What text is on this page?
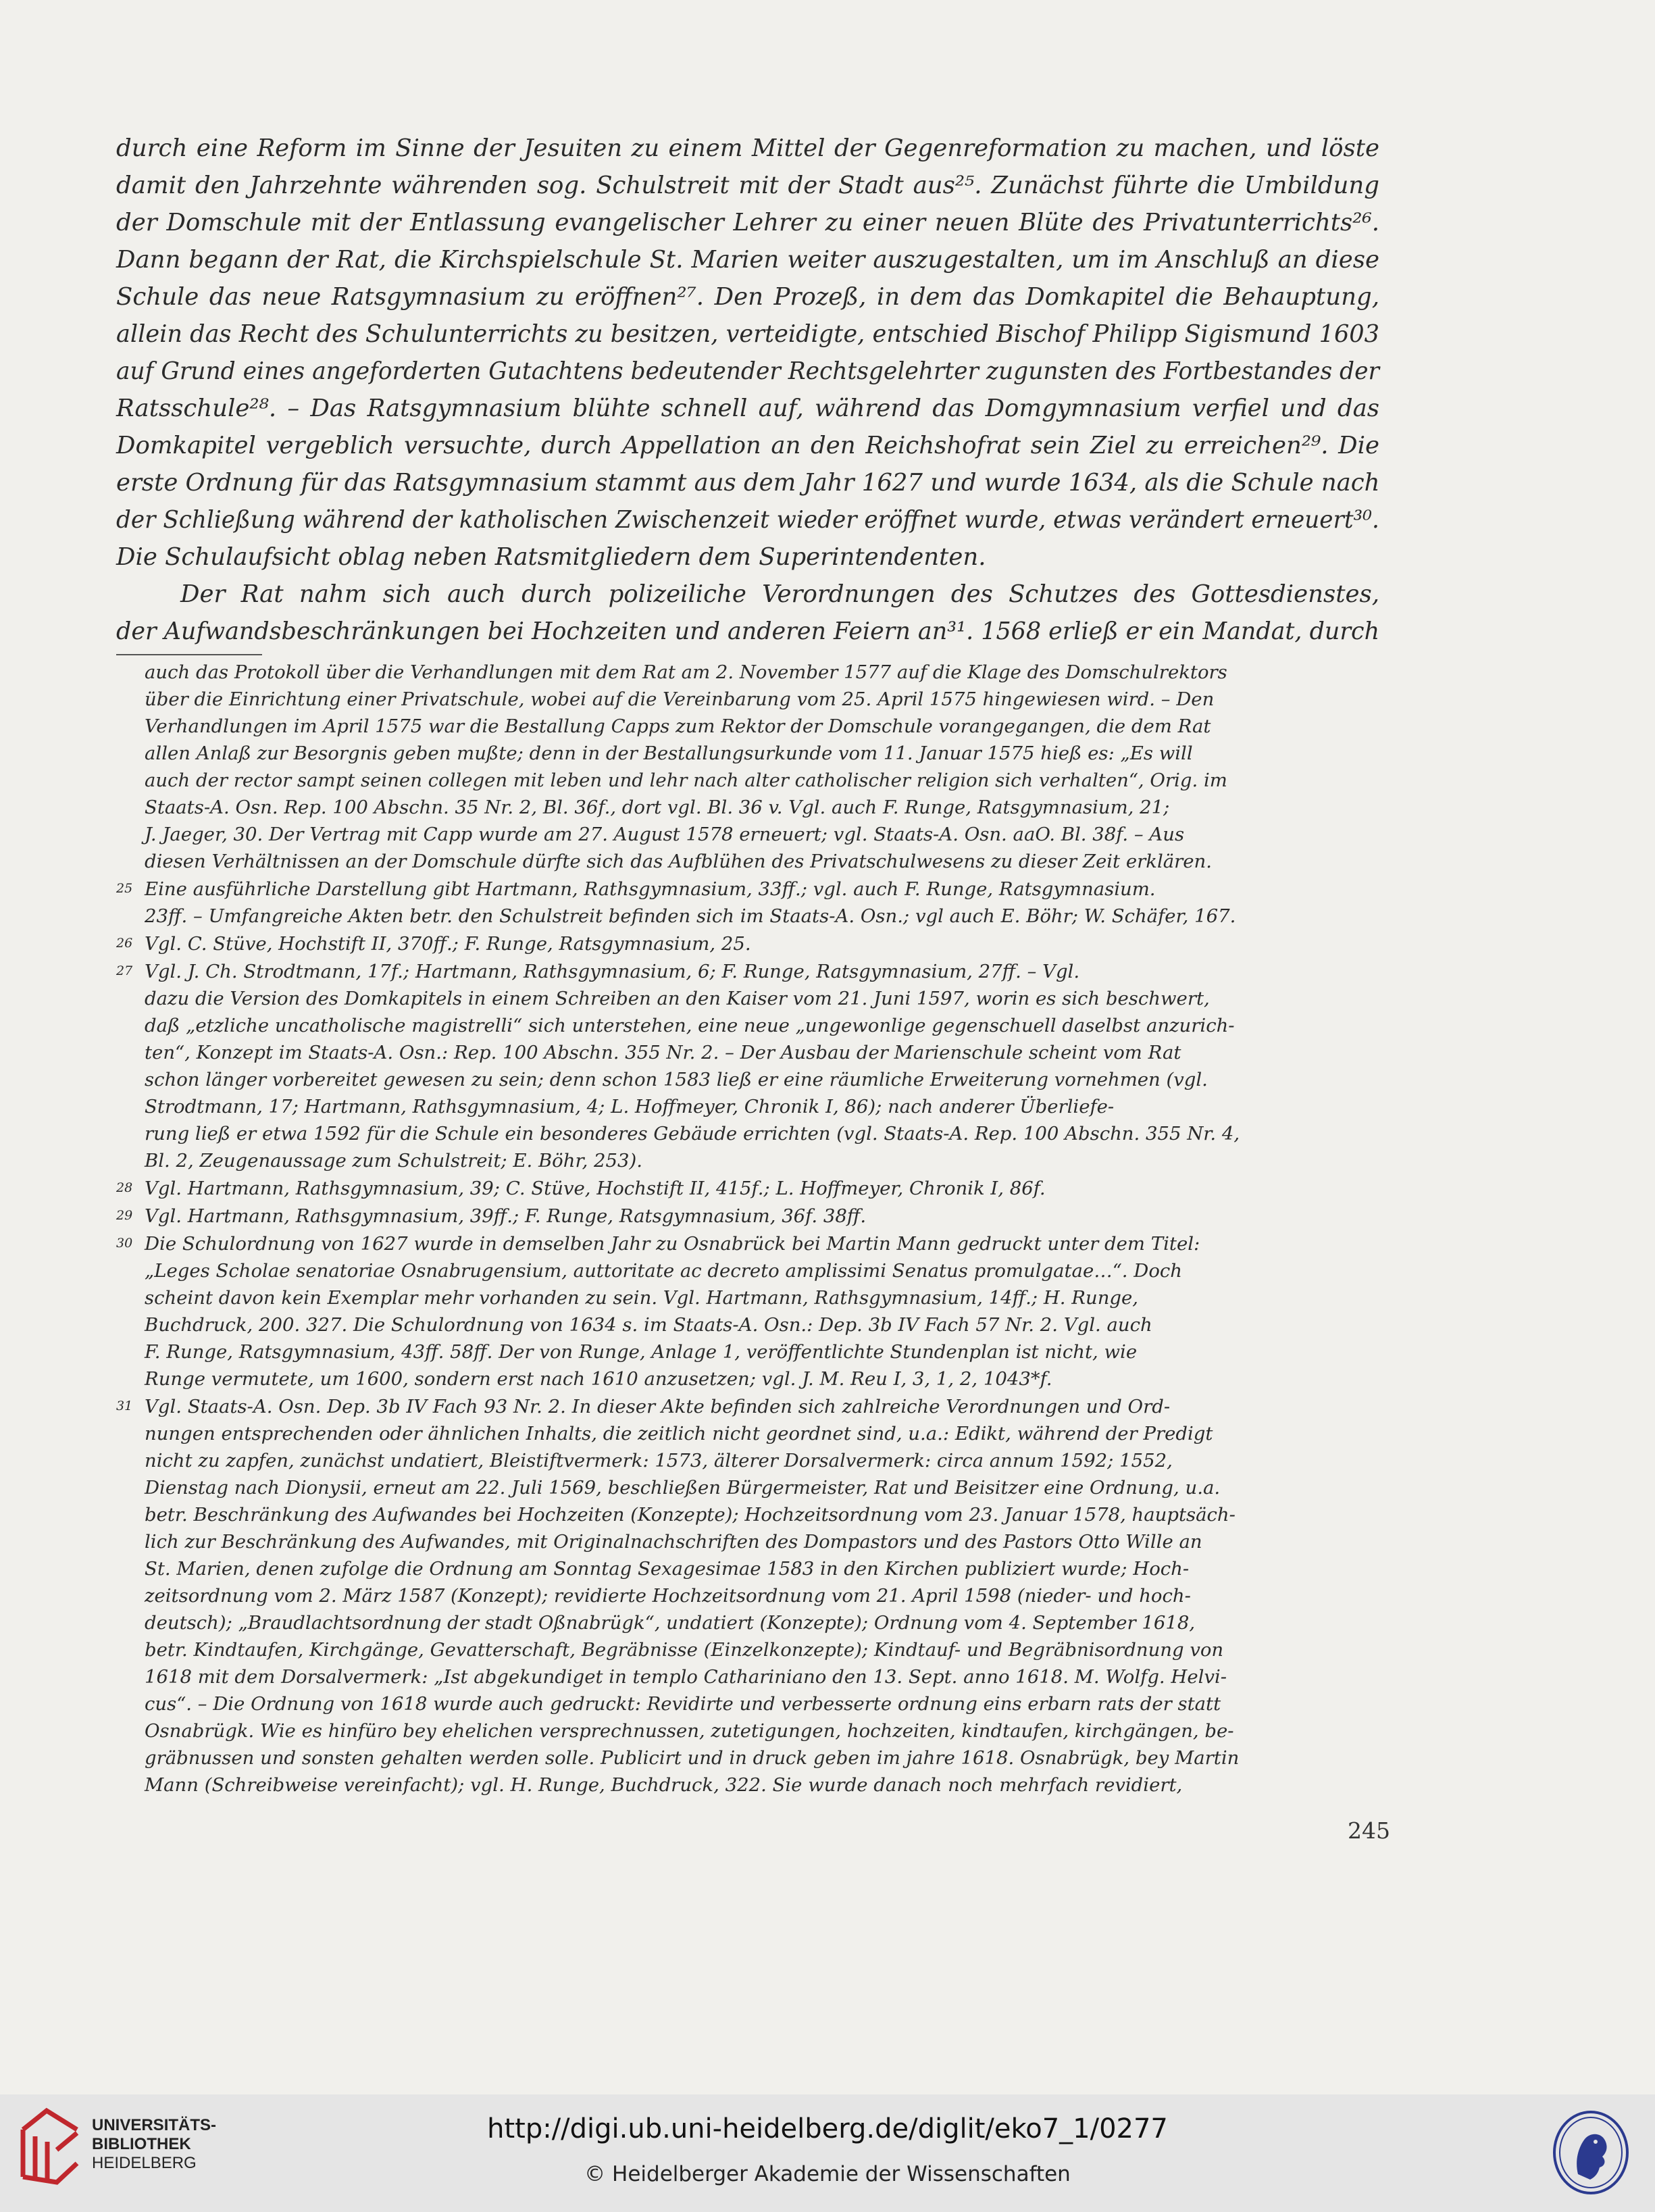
durch eine Reform im Sinne der Jesuiten zu einem Mittel der Gegenreformation zu machen, und löste
damit den Jahrzehnte währenden sog. Schulstreit mit der Stadt aus²⁵. Zunächst führte die Umbildung
der Domschule mit der Entlassung evangelischer Lehrer zu einer neuen Blüte des Privatunterrichts²⁶.
Dann begann der Rat, die Kirchspielschule St. Marien weiter auszugestalten, um im Anschluß an diese
Schule das neue Ratsgymnasium zu eröffnen²⁷. Den Prozeß, in dem das Domkapitel die Behauptung,
allein das Recht des Schulunterrichts zu besitzen, verteidigte, entschied Bischof Philipp Sigismund 1603
auf Grund eines angeforderten Gutachtens bedeutender Rechtsgelehrter zugunsten des Fortbestandes der
Ratsschule²⁸. – Das Ratsgymnasium blühte schnell auf, während das Domgymnasium verfiel und das
Domkapitel vergeblich versuchte, durch Appellation an den Reichshofrat sein Ziel zu erreichen²⁹. Die
erste Ordnung für das Ratsgymnasium stammt aus dem Jahr 1627 und wurde 1634, als die Schule nach
der Schließung während der katholischen Zwischenzeit wieder eröffnet wurde, etwas verändert erneuert³⁰.
Die Schulaufsicht oblag neben Ratsmitgliedern dem Superintendenten.
Der Rat nahm sich auch durch polizeiliche Verordnungen des Schutzes des Gottesdienstes,
der Aufwandsbeschränkungen bei Hochzeiten und anderen Feiern an³¹. 1568 erließ er ein Mandat, durch
auch das Protokoll über die Verhandlungen mit dem Rat am 2. November 1577 auf die Klage des Domschulrektors
über die Einrichtung einer Privatschule, wobei auf die Vereinbarung vom 25. April 1575 hingewiesen wird. – Den
Verhandlungen im April 1575 war die Bestallung Capps zum Rektor der Domschule vorangegangen, die dem Rat
allen Anlaß zur Besorgnis geben mußte; denn in der Bestallungsurkunde vom 11. Januar 1575 hieß es: „Es will
auch der rector sampt seinen collegen mit leben und lehr nach alter catholischer religion sich verhalten“, Orig. im
Staats-A. Osn. Rep. 100 Abschn. 35 Nr. 2, Bl. 36f., dort vgl. Bl. 36 v. Vgl. auch F. Runge, Ratsgymnasium, 21;
J. Jaeger, 30. Der Vertrag mit Capp wurde am 27. August 1578 erneuert; vgl. Staats-A. Osn. aaO. Bl. 38f. – Aus
diesen Verhältnissen an der Domschule dürfte sich das Aufblühen des Privatschulwesens zu dieser Zeit erklären.
25 Eine ausführliche Darstellung gibt Hartmann, Rathsgymnasium, 33ff.; vgl. auch F. Runge, Ratsgymnasium.
23ff. – Umfangreiche Akten betr. den Schulstreit befinden sich im Staats-A. Osn.; vgl auch E. Böhr; W. Schäfer, 167.
26 Vgl. C. Stüve, Hochstift II, 370ff.; F. Runge, Ratsgymnasium, 25.
27 Vgl. J. Ch. Strodtmann, 17f.; Hartmann, Rathsgymnasium, 6; F. Runge, Ratsgymnasium, 27ff. – Vgl.
dazu die Version des Domkapitels in einem Schreiben an den Kaiser vom 21. Juni 1597, worin es sich beschwert,
daß „etzliche uncatholische magistrelli“ sich unterstehen, eine neue „ungewonlige gegenschuell daselbst anzurich-
ten“, Konzept im Staats-A. Osn.: Rep. 100 Abschn. 355 Nr. 2. – Der Ausbau der Marienschule scheint vom Rat
schon länger vorbereitet gewesen zu sein; denn schon 1583 ließ er eine räumliche Erweiterung vornehmen (vgl.
Strodtmann, 17; Hartmann, Rathsgymnasium, 4; L. Hoffmeyer, Chronik I, 86); nach anderer Überliefe-
rung ließ er etwa 1592 für die Schule ein besonderes Gebäude errichten (vgl. Staats-A. Rep. 100 Abschn. 355 Nr. 4,
Bl. 2, Zeugenaussage zum Schulstreit; E. Böhr, 253).
28 Vgl. Hartmann, Rathsgymnasium, 39; C. Stüve, Hochstift II, 415f.; L. Hoffmeyer, Chronik I, 86f.
29 Vgl. Hartmann, Rathsgymnasium, 39ff.; F. Runge, Ratsgymnasium, 36f. 38ff.
30 Die Schulordnung von 1627 wurde in demselben Jahr zu Osnabrück bei Martin Mann gedruckt unter dem Titel:
„Leges Scholae senatoriae Osnabrugensium, auttoritate ac decreto amplissimi Senatus promulgatae…“. Doch
scheint davon kein Exemplar mehr vorhanden zu sein. Vgl. Hartmann, Rathsgymnasium, 14ff.; H. Runge,
Buchdruck, 200. 327. Die Schulordnung von 1634 s. im Staats-A. Osn.: Dep. 3b IV Fach 57 Nr. 2. Vgl. auch
F. Runge, Ratsgymnasium, 43ff. 58ff. Der von Runge, Anlage 1, veröffentlichte Stundenplan ist nicht, wie
Runge vermutete, um 1600, sondern erst nach 1610 anzusetzen; vgl. J. M. Reu I, 3, 1, 2, 1043*f.
31 Vgl. Staats-A. Osn. Dep. 3b IV Fach 93 Nr. 2. In dieser Akte befinden sich zahlreiche Verordnungen und Ord-
nungen entsprechenden oder ähnlichen Inhalts, die zeitlich nicht geordnet sind, u.a.: Edikt, während der Predigt
nicht zu zapfen, zunächst undatiert, Bleistiftvermerk: 1573, älterer Dorsalvermerk: circa annum 1592; 1552,
Dienstag nach Dionysii, erneut am 22. Juli 1569, beschließen Bürgermeister, Rat und Beisitzer eine Ordnung, u.a.
betr. Beschränkung des Aufwandes bei Hochzeiten (Konzepte); Hochzeitsordnung vom 23. Januar 1578, hauptsäch-
lich zur Beschränkung des Aufwandes, mit Originalnachschriften des Dompastors und des Pastors Otto Wille an
St. Marien, denen zufolge die Ordnung am Sonntag Sexagesimae 1583 in den Kirchen publiziert wurde; Hoch-
zeitsordnung vom 2. März 1587 (Konzept); revidierte Hochzeitsordnung vom 21. April 1598 (nieder- und hoch-
deutsch); „Braudlachtsordnung der stadt Oßnabrügk“, undatiert (Konzepte); Ordnung vom 4. September 1618,
betr. Kindtaufen, Kirchgänge, Gevatterschaft, Begräbnisse (Einzelkonzepte); Kindtauf- und Begräbnisordnung von
1618 mit dem Dorsalvermerk: „Ist abgekundiget in templo Cathariniano den 13. Sept. anno 1618. M. Wolfg. Helvi-
cus“. – Die Ordnung von 1618 wurde auch gedruckt: Revidirte und verbesserte ordnung eins erbarn rats der statt
Osnabrügk. Wie es hinfüro bey ehelichen versprechnussen, zutetigungen, hochzeiten, kindtaufen, kirchgängen, be-
gräbnussen und sonsten gehalten werden solle. Publicirt und in druck geben im jahre 1618. Osnabrügk, bey Martin
Mann (Schreibweise vereinfacht); vgl. H. Runge, Buchdruck, 322. Sie wurde danach noch mehrfach revidiert,
245
UNIVERSITÄTS-
BIBLIOTHEK
HEIDELBERG
http://digi.ub.uni-heidelberg.de/diglit/eko7_1/0277
© Heidelberger Akademie der Wissenschaften
